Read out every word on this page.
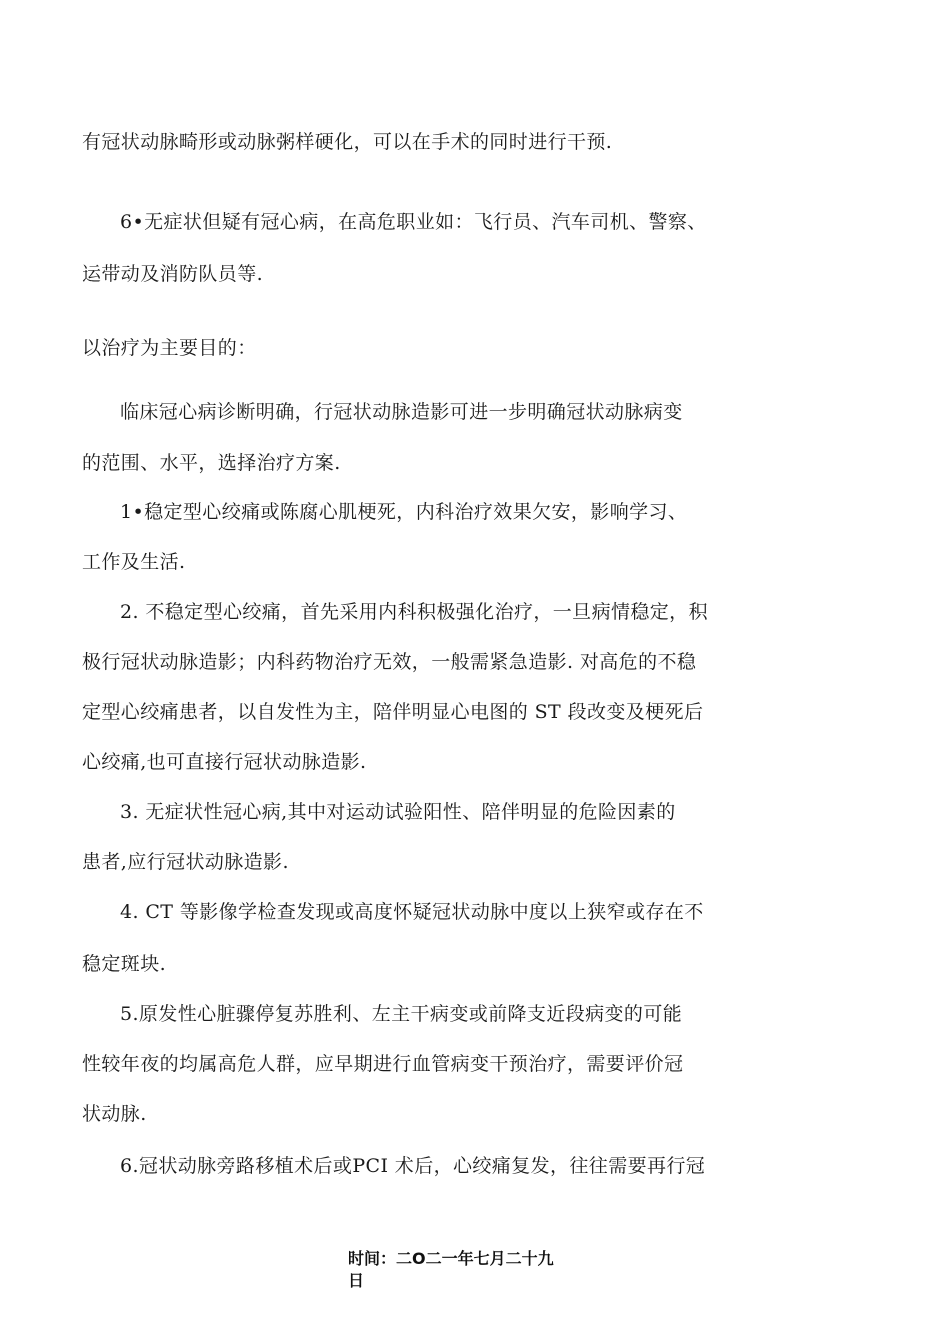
有冠状动脉畸形或动脉粥样硬化，可以在手术的同时进行干预.
6•无症状但疑有冠心病，在高危职业如：飞行员、汽车司机、警察、
运带动及消防队员等.
以治疗为主要目的：
临床冠心病诊断明确，行冠状动脉造影可进一步明确冠状动脉病变
的范围、水平，选择治疗方案.
1•稳定型心绞痛或陈腐心肌梗死，内科治疗效果欠安，影响学习、
工作及生活.
2. 不稳定型心绞痛，首先采用内科积极强化治疗，一旦病情稳定，积
极行冠状动脉造影；内科药物治疗无效，一般需紧急造影. 对高危的不稳
定型心绞痛患者，以自发性为主，陪伴明显心电图的 ST 段改变及梗死后
心绞痛,也可直接行冠状动脉造影.
3. 无症状性冠心病,其中对运动试验阳性、陪伴明显的危险因素的
患者,应行冠状动脉造影.
4. CT 等影像学检查发现或高度怀疑冠状动脉中度以上狭窄或存在不
稳定斑块.
5.原发性心脏骤停复苏胜利、左主干病变或前降支近段病变的可能
性较年夜的均属高危人群，应早期进行血管病变干预治疗，需要评价冠
状动脉.
6.冠状动脉旁路移植术后或PCI 术后，心绞痛复发，往往需要再行冠
时间：二O二一年七月二十九
日
